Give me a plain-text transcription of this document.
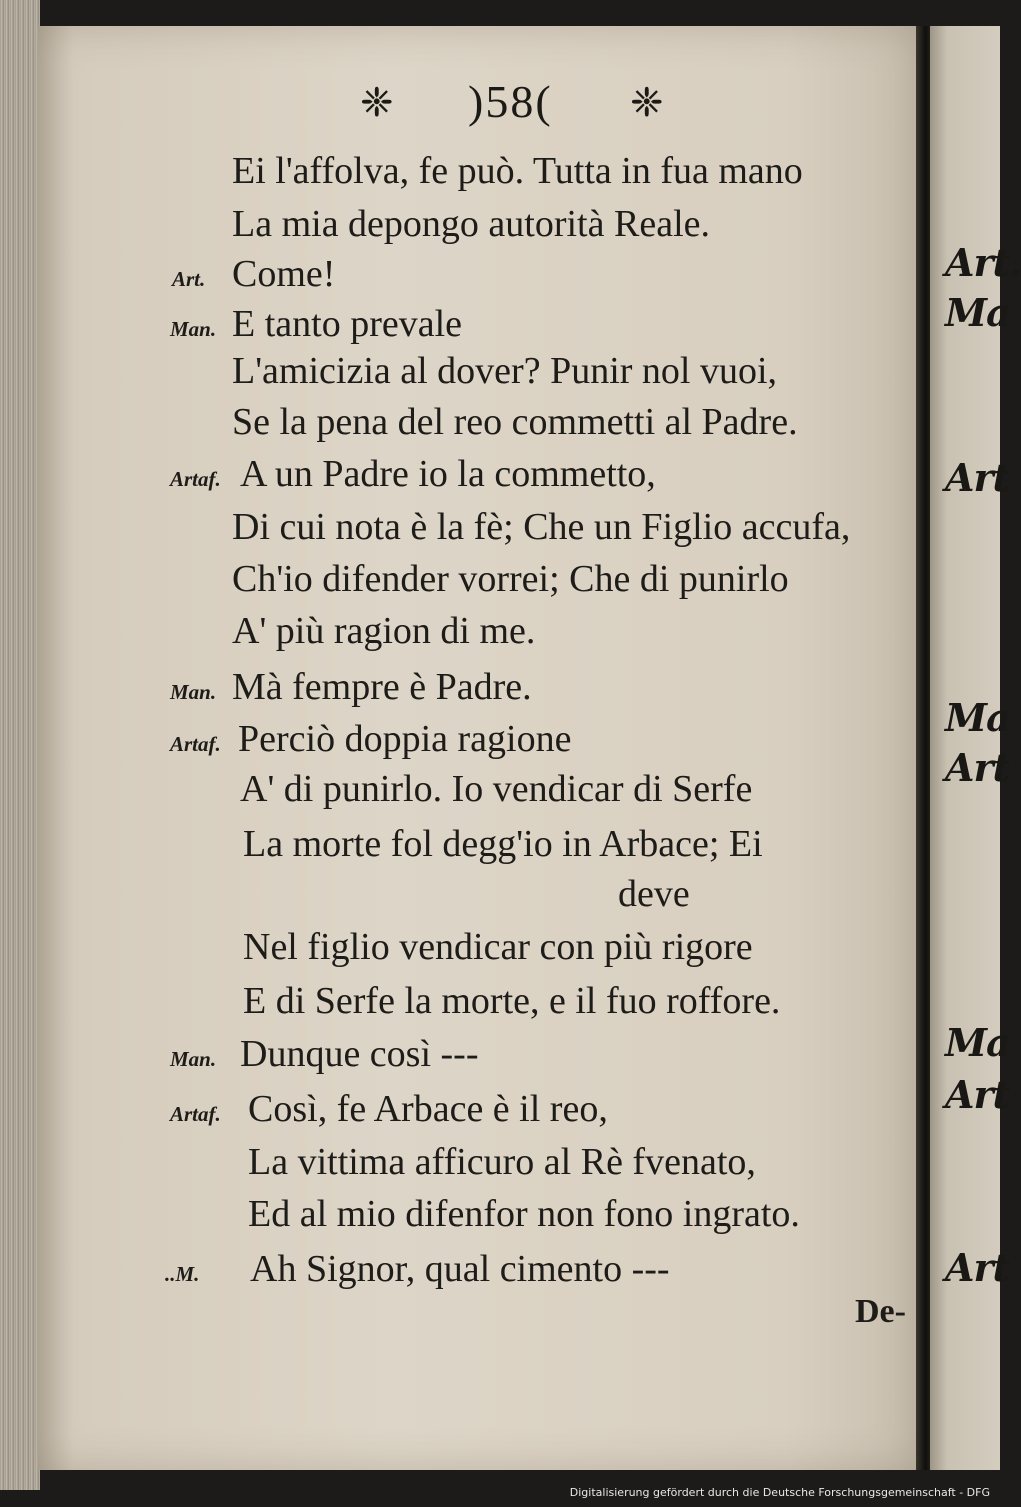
❈ )58( ❈
Ei l'affolva, fe può. Tutta in fua mano
La mia depongo autorità Reale.
Art. Come!
Man. E tanto prevale
L'amicizia al dover? Punir nol vuoi,
Se la pena del reo commetti al Padre.
Artaf. A un Padre io la commetto,
Di cui nota è la fè; Che un Figlio accufa,
Ch'io difender vorrei; Che di punirlo
A' più ragion di me.
Man. Mà fempre è Padre.
Artaf. Perciò doppia ragione
A' di punirlo. Io vendicar di Serfe
La morte fol degg'io in Arbace; Ei
deve
Nel figlio vendicar con più rigore
E di Serfe la morte, e il fuo roffore.
Man. Dunque così ---
Artaf. Così, fe Arbace è il reo,
La vittima afficuro al Rè fvenato,
Ed al mio difenfor non fono ingrato.
..M. Ah Signor, qual cimento ---
Art.
Ma
Art
Ma
Art
Ma
Art
Art
De-
Digitalisierung gefördert durch die Deutsche Forschungsgemeinschaft - DFG
